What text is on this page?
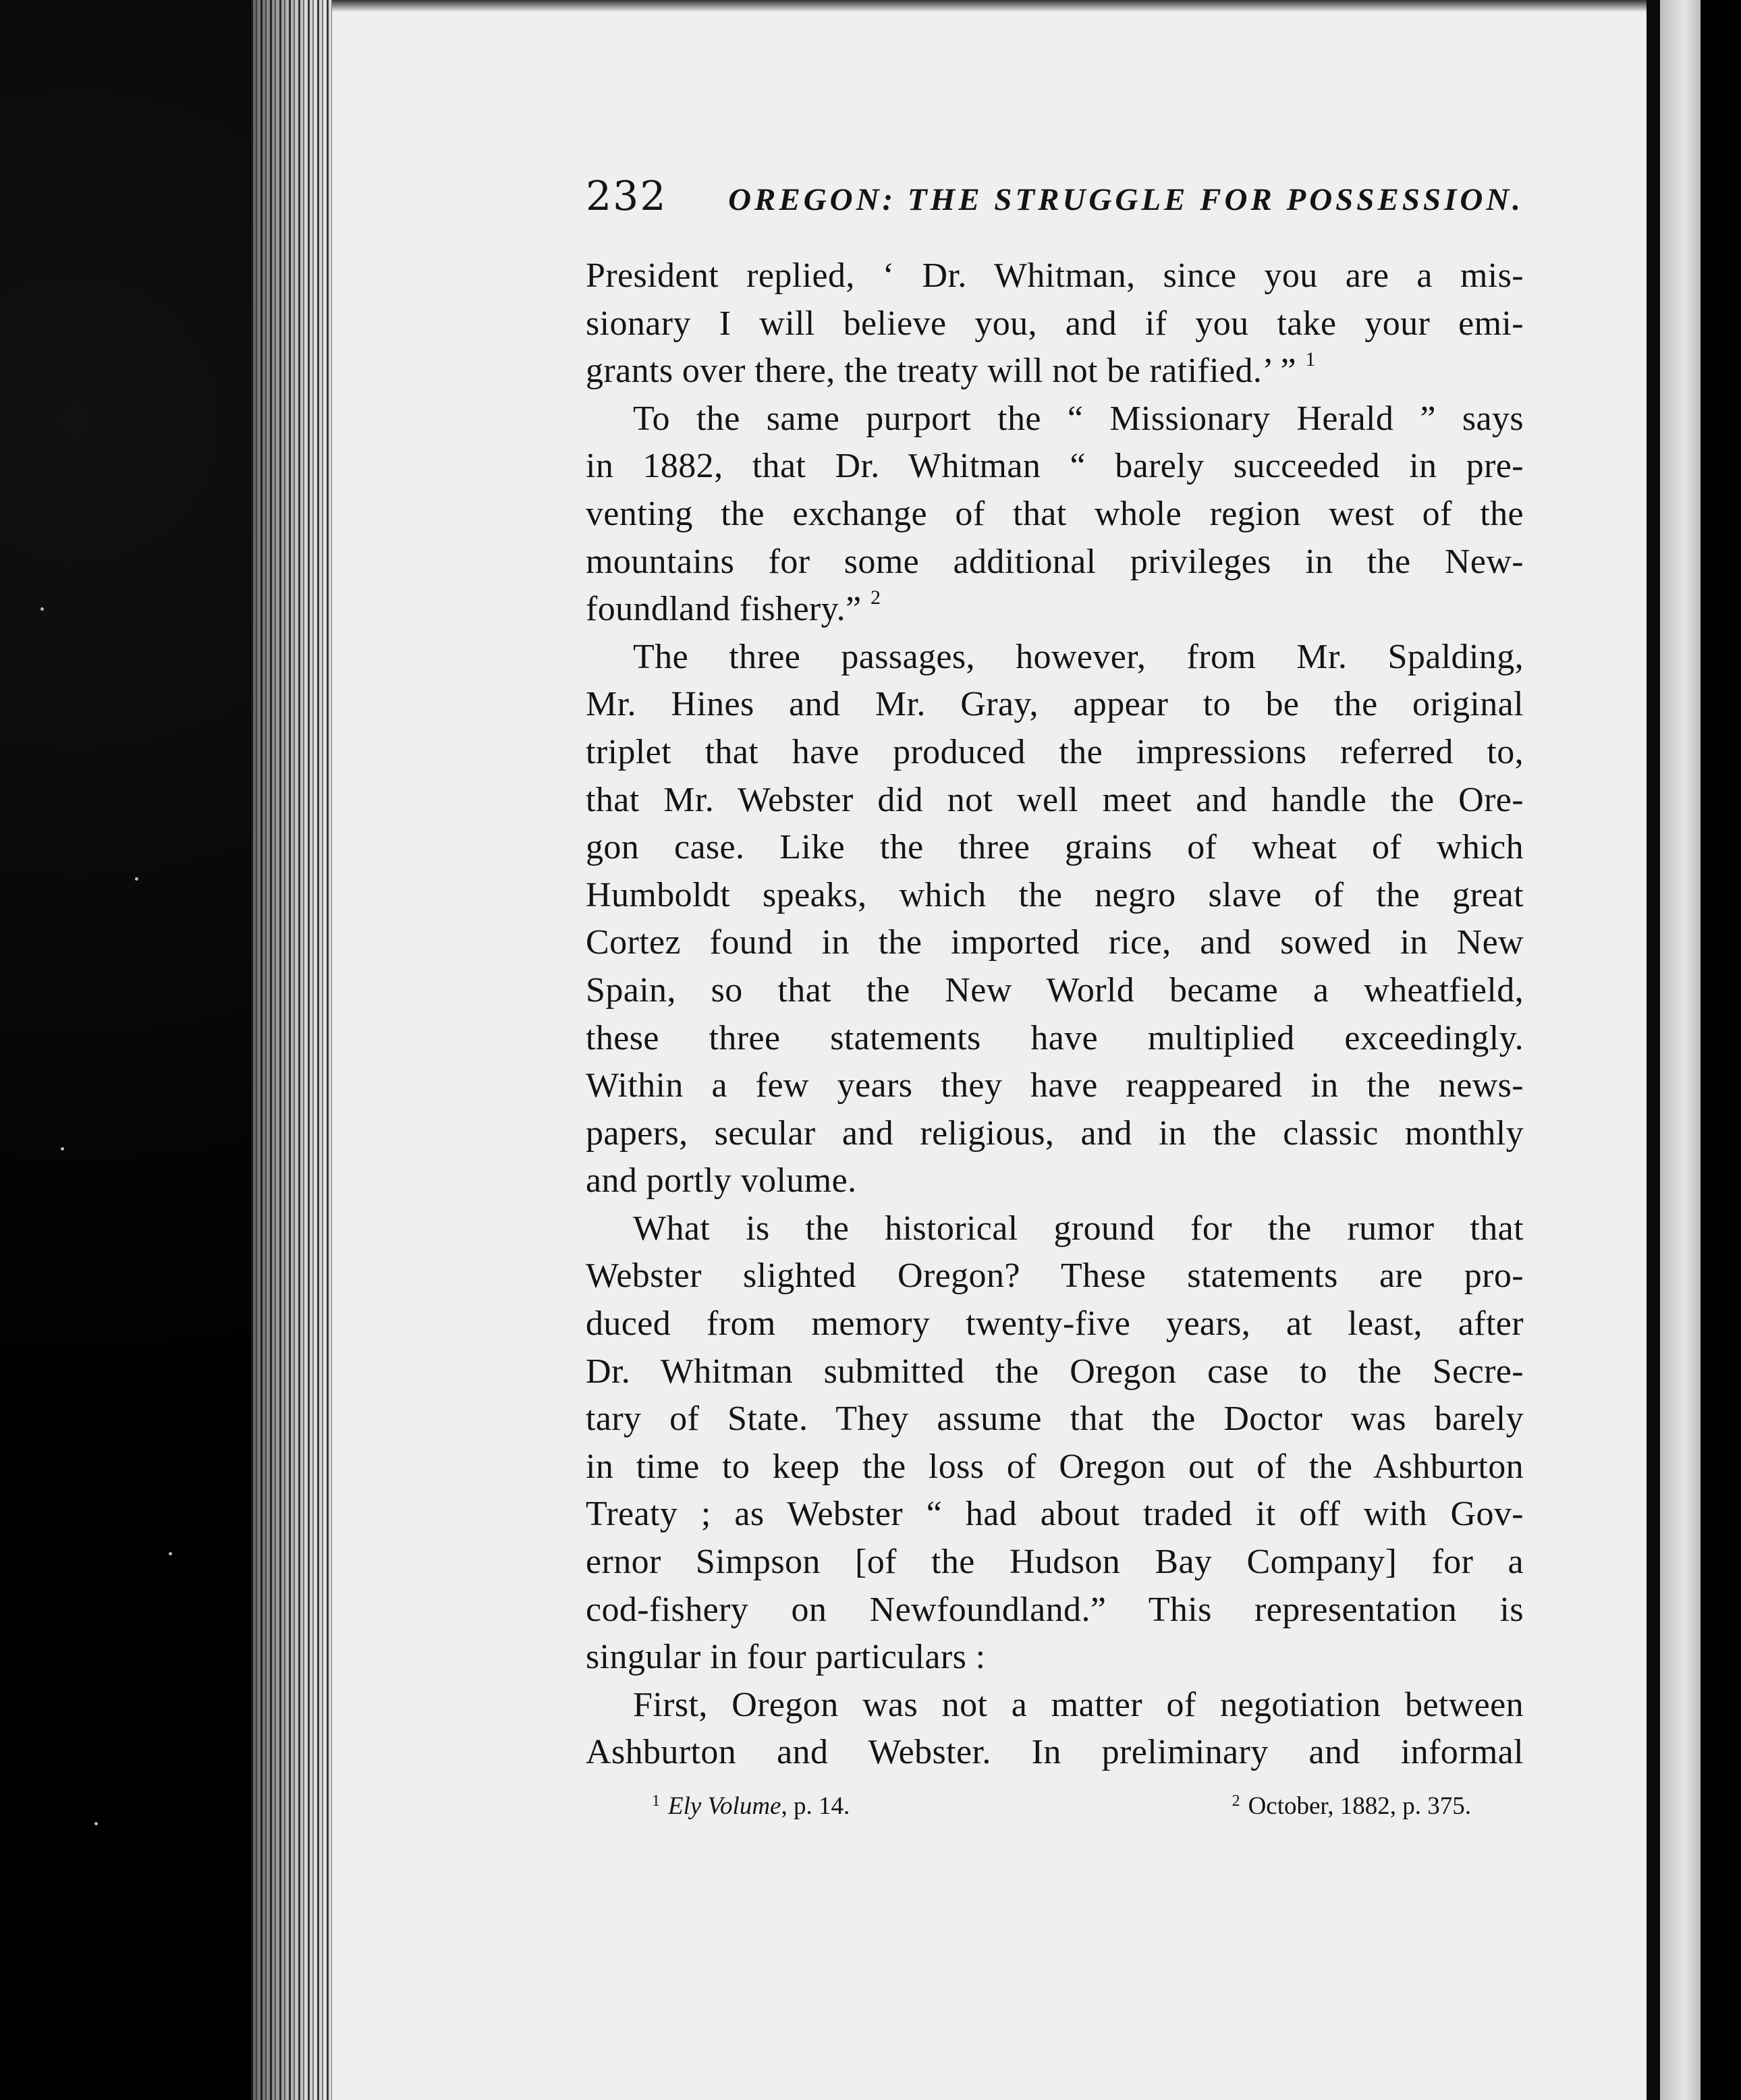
232 OREGON: THE STRUGGLE FOR POSSESSION.

President replied, ‘ Dr. Whitman, since you are a mis-
sionary I will believe you, and if you take your emi-
grants over there, the treaty will not be ratified.’ ” $^1$

To the same purport the “ Missionary Herald ” says
in 1882, that Dr. Whitman “ barely succeeded in pre-
venting the exchange of that whole region west of the
mountains for some additional privileges in the New-
foundland fishery.” $^2$

The three passages, however, from Mr. Spalding,
Mr. Hines and Mr. Gray, appear to be the original
triplet that have produced the impressions referred to,
that Mr. Webster did not well meet and handle the Ore-
gon case. Like the three grains of wheat of which
Humboldt speaks, which the negro slave of the great
Cortez found in the imported rice, and sowed in New
Spain, so that the New World became a wheatfield,
these three statements have multiplied exceedingly.
Within a few years they have reappeared in the news-
papers, secular and religious, and in the classic monthly
and portly volume.

What is the historical ground for the rumor that
Webster slighted Oregon? These statements are pro-
duced from memory twenty-five years, at least, after
Dr. Whitman submitted the Oregon case to the Secre-
tary of State. They assume that the Doctor was barely
in time to keep the loss of Oregon out of the Ashburton
Treaty ; as Webster “ had about traded it off with Gov-
ernor Simpson [of the Hudson Bay Company] for a
cod-fishery on Newfoundland.” This representation is
singular in four particulars :

First, Oregon was not a matter of negotiation between
Ashburton and Webster. In preliminary and informal

$^1$ Ely Volume, p. 14.	$^2$ October, 1882, p. 375.
